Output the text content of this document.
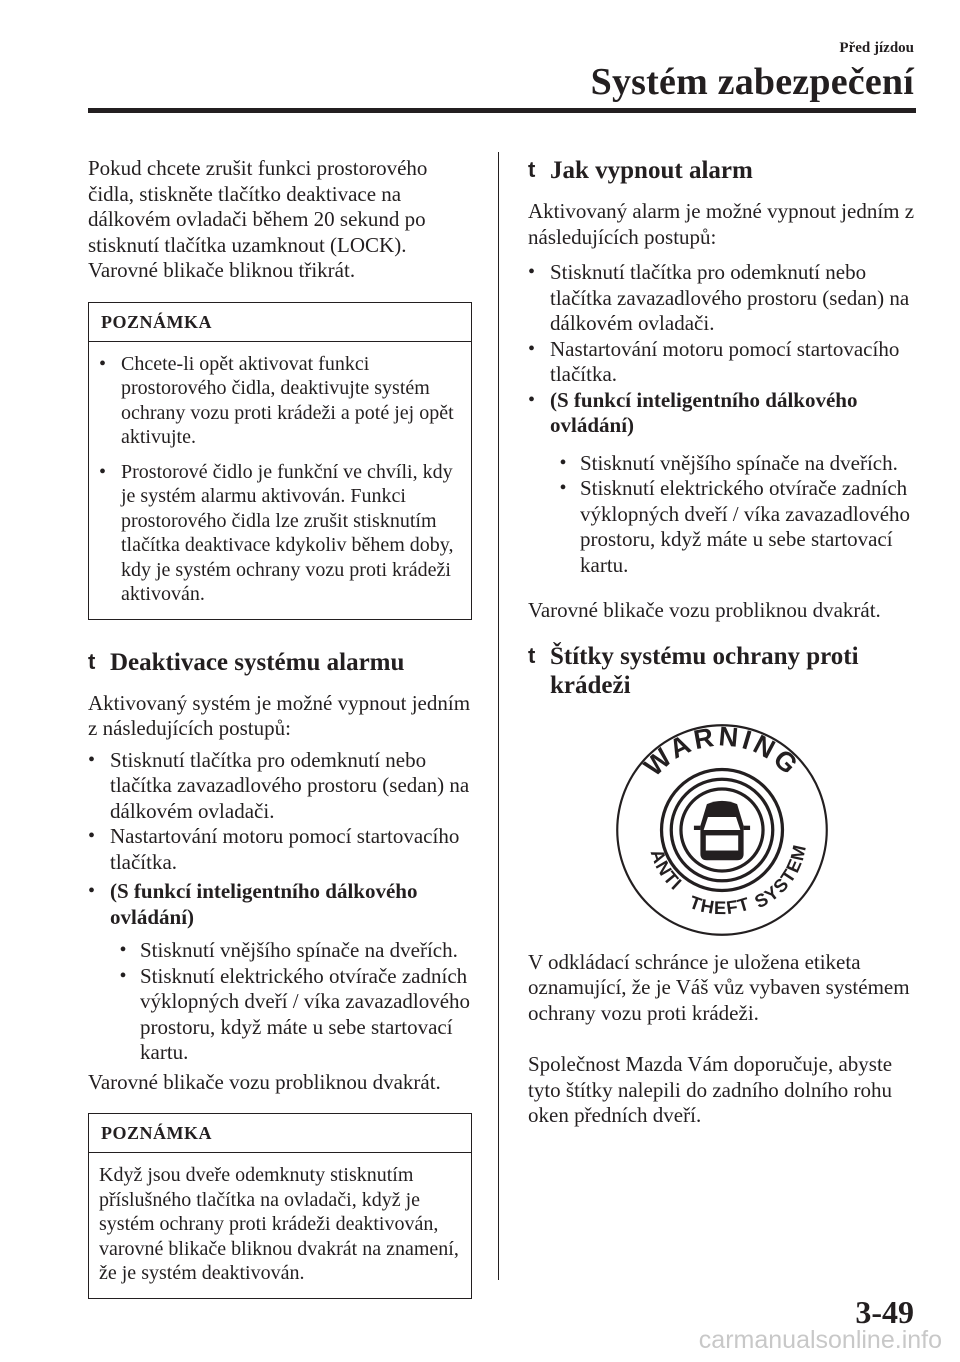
Před jízdou
Systém zabezpečení

Pokud chcete zrušit funkci prostorového čidla, stiskněte tlačítko deaktivace na dálkovém ovladači během 20 sekund po stisknutí tlačítka uzamknout (LOCK).

Varovné blikače bliknou třikrát.

POZNÁMKA
• Chcete-li opět aktivovat funkci prostorového čidla, deaktivujte systém ochrany vozu proti krádeži a poté jej opět aktivujte.
• Prostorové čidlo je funkční ve chvíli, kdy je systém alarmu aktivován. Funkci prostorového čidla lze zrušit stisknutím tlačítka deaktivace kdykoliv během doby, kdy je systém ochrany vozu proti krádeži aktivován.
t Deaktivace systému alarmu

Aktivovaný systém je možné vypnout jedním z následujících postupů:

• Stisknutí tlačítka pro odemknutí nebo tlačítka zavazadlového prostoru (sedan) na dálkovém ovladači.
• Nastartování motoru pomocí startovacího tlačítka.
• (S funkcí inteligentního dálkového ovládání)
• Stisknutí vnějšího spínače na dveřích.
• Stisknutí elektrického otvírače zadních výklopných dveří / víka zavazadlového prostoru, když máte u sebe startovací kartu.

Varovné blikače vozu probliknou dvakrát.

POZNÁMKA

Když jsou dveře odemknuty stisknutím příslušného tlačítka na ovladači, když je systém ochrany proti krádeži deaktivován, varovné blikače bliknou dvakrát na znamení, že je systém deaktivován.

t Jak vypnout alarm

Aktivovaný alarm je možné vypnout jedním z následujících postupů:

• Stisknutí tlačítka pro odemknutí nebo tlačítka zavazadlového prostoru (sedan) na dálkovém ovladači.
• Nastartování motoru pomocí startovacího tlačítka.
• (S funkcí inteligentního dálkového ovládání)
• Stisknutí vnějšího spínače na dveřích.
• Stisknutí elektrického otvírače zadních výklopných dveří / víka zavazadlového prostoru, když máte u sebe startovací kartu.

Varovné blikače vozu probliknou dvakrát.

t Štítky systému ochrany proti krádeži
WARNING
ANTI
THEFT
SYSTEM

V odkládací schránce je uložena etiketa oznamující, že je Váš vůz vybaven systémem ochrany vozu proti krádeži.

Společnost Mazda Vám doporučuje, abyste tyto štítky nalepili do zadního dolního rohu oken předních dveří.

3-49
carmanualsonline.info
